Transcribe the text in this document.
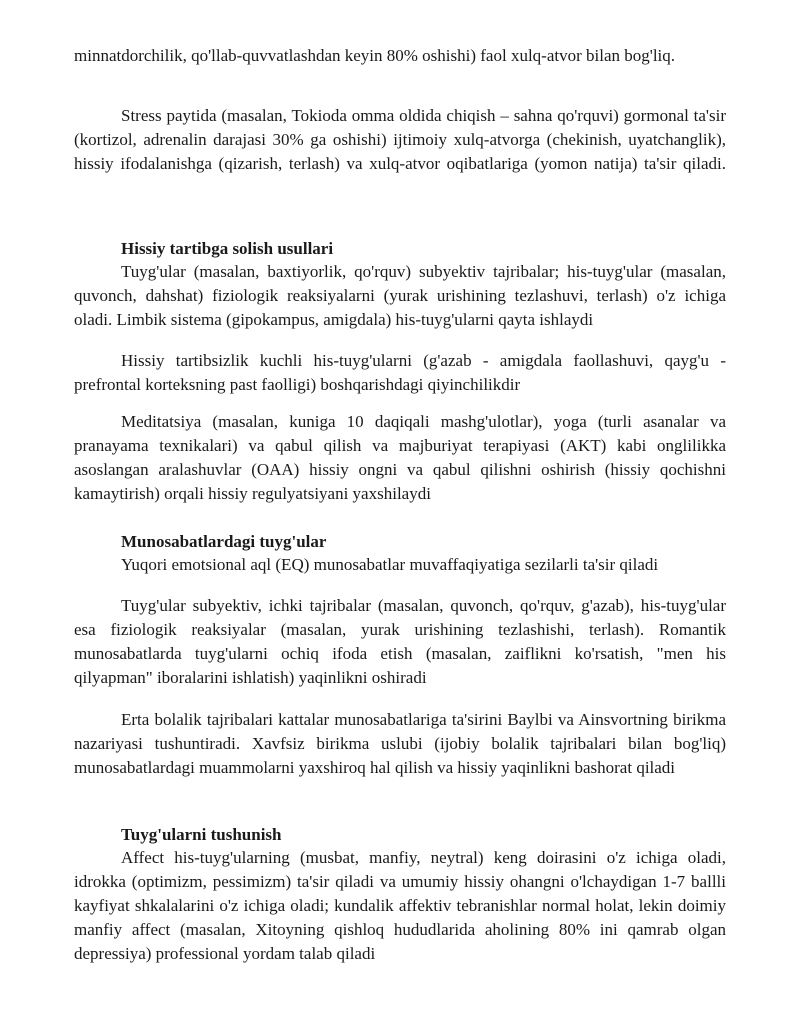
minnatdorchilik, qo'llab-quvvatlashdan keyin 80% oshishi) faol xulq-atvor bilan bog'liq.

Stress paytida (masalan, Tokioda omma oldida chiqish – sahna qo'rquvi) gormonal ta'sir (kortizol, adrenalin darajasi 30% ga oshishi) ijtimoiy xulq-atvorga (chekinish, uyatchanglik), hissiy ifodalanishga (qizarish, terlash) va xulq-atvor oqibatlariga (yomon natija) ta'sir qiladi.

Hissiy tartibga solish usullari

Tuyg'ular (masalan, baxtiyorlik, qo'rquv) subyektiv tajribalar; his-tuyg'ular (masalan, quvonch, dahshat) fiziologik reaksiyalarni (yurak urishining tezlashuvi, terlash) o'z ichiga oladi. Limbik sistema (gipokampus, amigdala) his-tuyg'ularni qayta ishlaydi

Hissiy tartibsizlik kuchli his-tuyg'ularni (g'azab - amigdala faollashuvi, qayg'u - prefrontal korteksning past faolligi) boshqarishdagi qiyinchilikdir

Meditatsiya (masalan, kuniga 10 daqiqali mashg'ulotlar), yoga (turli asanalar va pranayama texnikalari) va qabul qilish va majburiyat terapiyasi (AKT) kabi onglilikka asoslangan aralashuvlar (OAA) hissiy ongni va qabul qilishni oshirish (hissiy qochishni kamaytirish) orqali hissiy regulyatsiyani yaxshilaydi

Munosabatlardagi tuyg'ular

Yuqori emotsional aql (EQ) munosabatlar muvaffaqiyatiga sezilarli ta'sir qiladi

Tuyg'ular subyektiv, ichki tajribalar (masalan, quvonch, qo'rquv, g'azab), his-tuyg'ular esa fiziologik reaksiyalar (masalan, yurak urishining tezlashishi, terlash). Romantik munosabatlarda tuyg'ularni ochiq ifoda etish (masalan, zaiflikni ko'rsatish, "men his qilyapman" iboralarini ishlatish) yaqinlikni oshiradi

Erta bolalik tajribalari kattalar munosabatlariga ta'sirini Baylbi va Ainsvortning birikma nazariyasi tushuntiradi. Xavfsiz birikma uslubi (ijobiy bolalik tajribalari bilan bog'liq) munosabatlardagi muammolarni yaxshiroq hal qilish va hissiy yaqinlikni bashorat qiladi

Tuyg'ularni tushunish

Affect his-tuyg'ularning (musbat, manfiy, neytral) keng doirasini o'z ichiga oladi, idrokka (optimizm, pessimizm) ta'sir qiladi va umumiy hissiy ohangni o'lchaydigan 1-7 ballli kayfiyat shkalalarini o'z ichiga oladi; kundalik affektiv tebranishlar normal holat, lekin doimiy manfiy affect (masalan, Xitoyning qishloq hududlarida aholining 80% ini qamrab olgan depressiya) professional yordam talab qiladi
